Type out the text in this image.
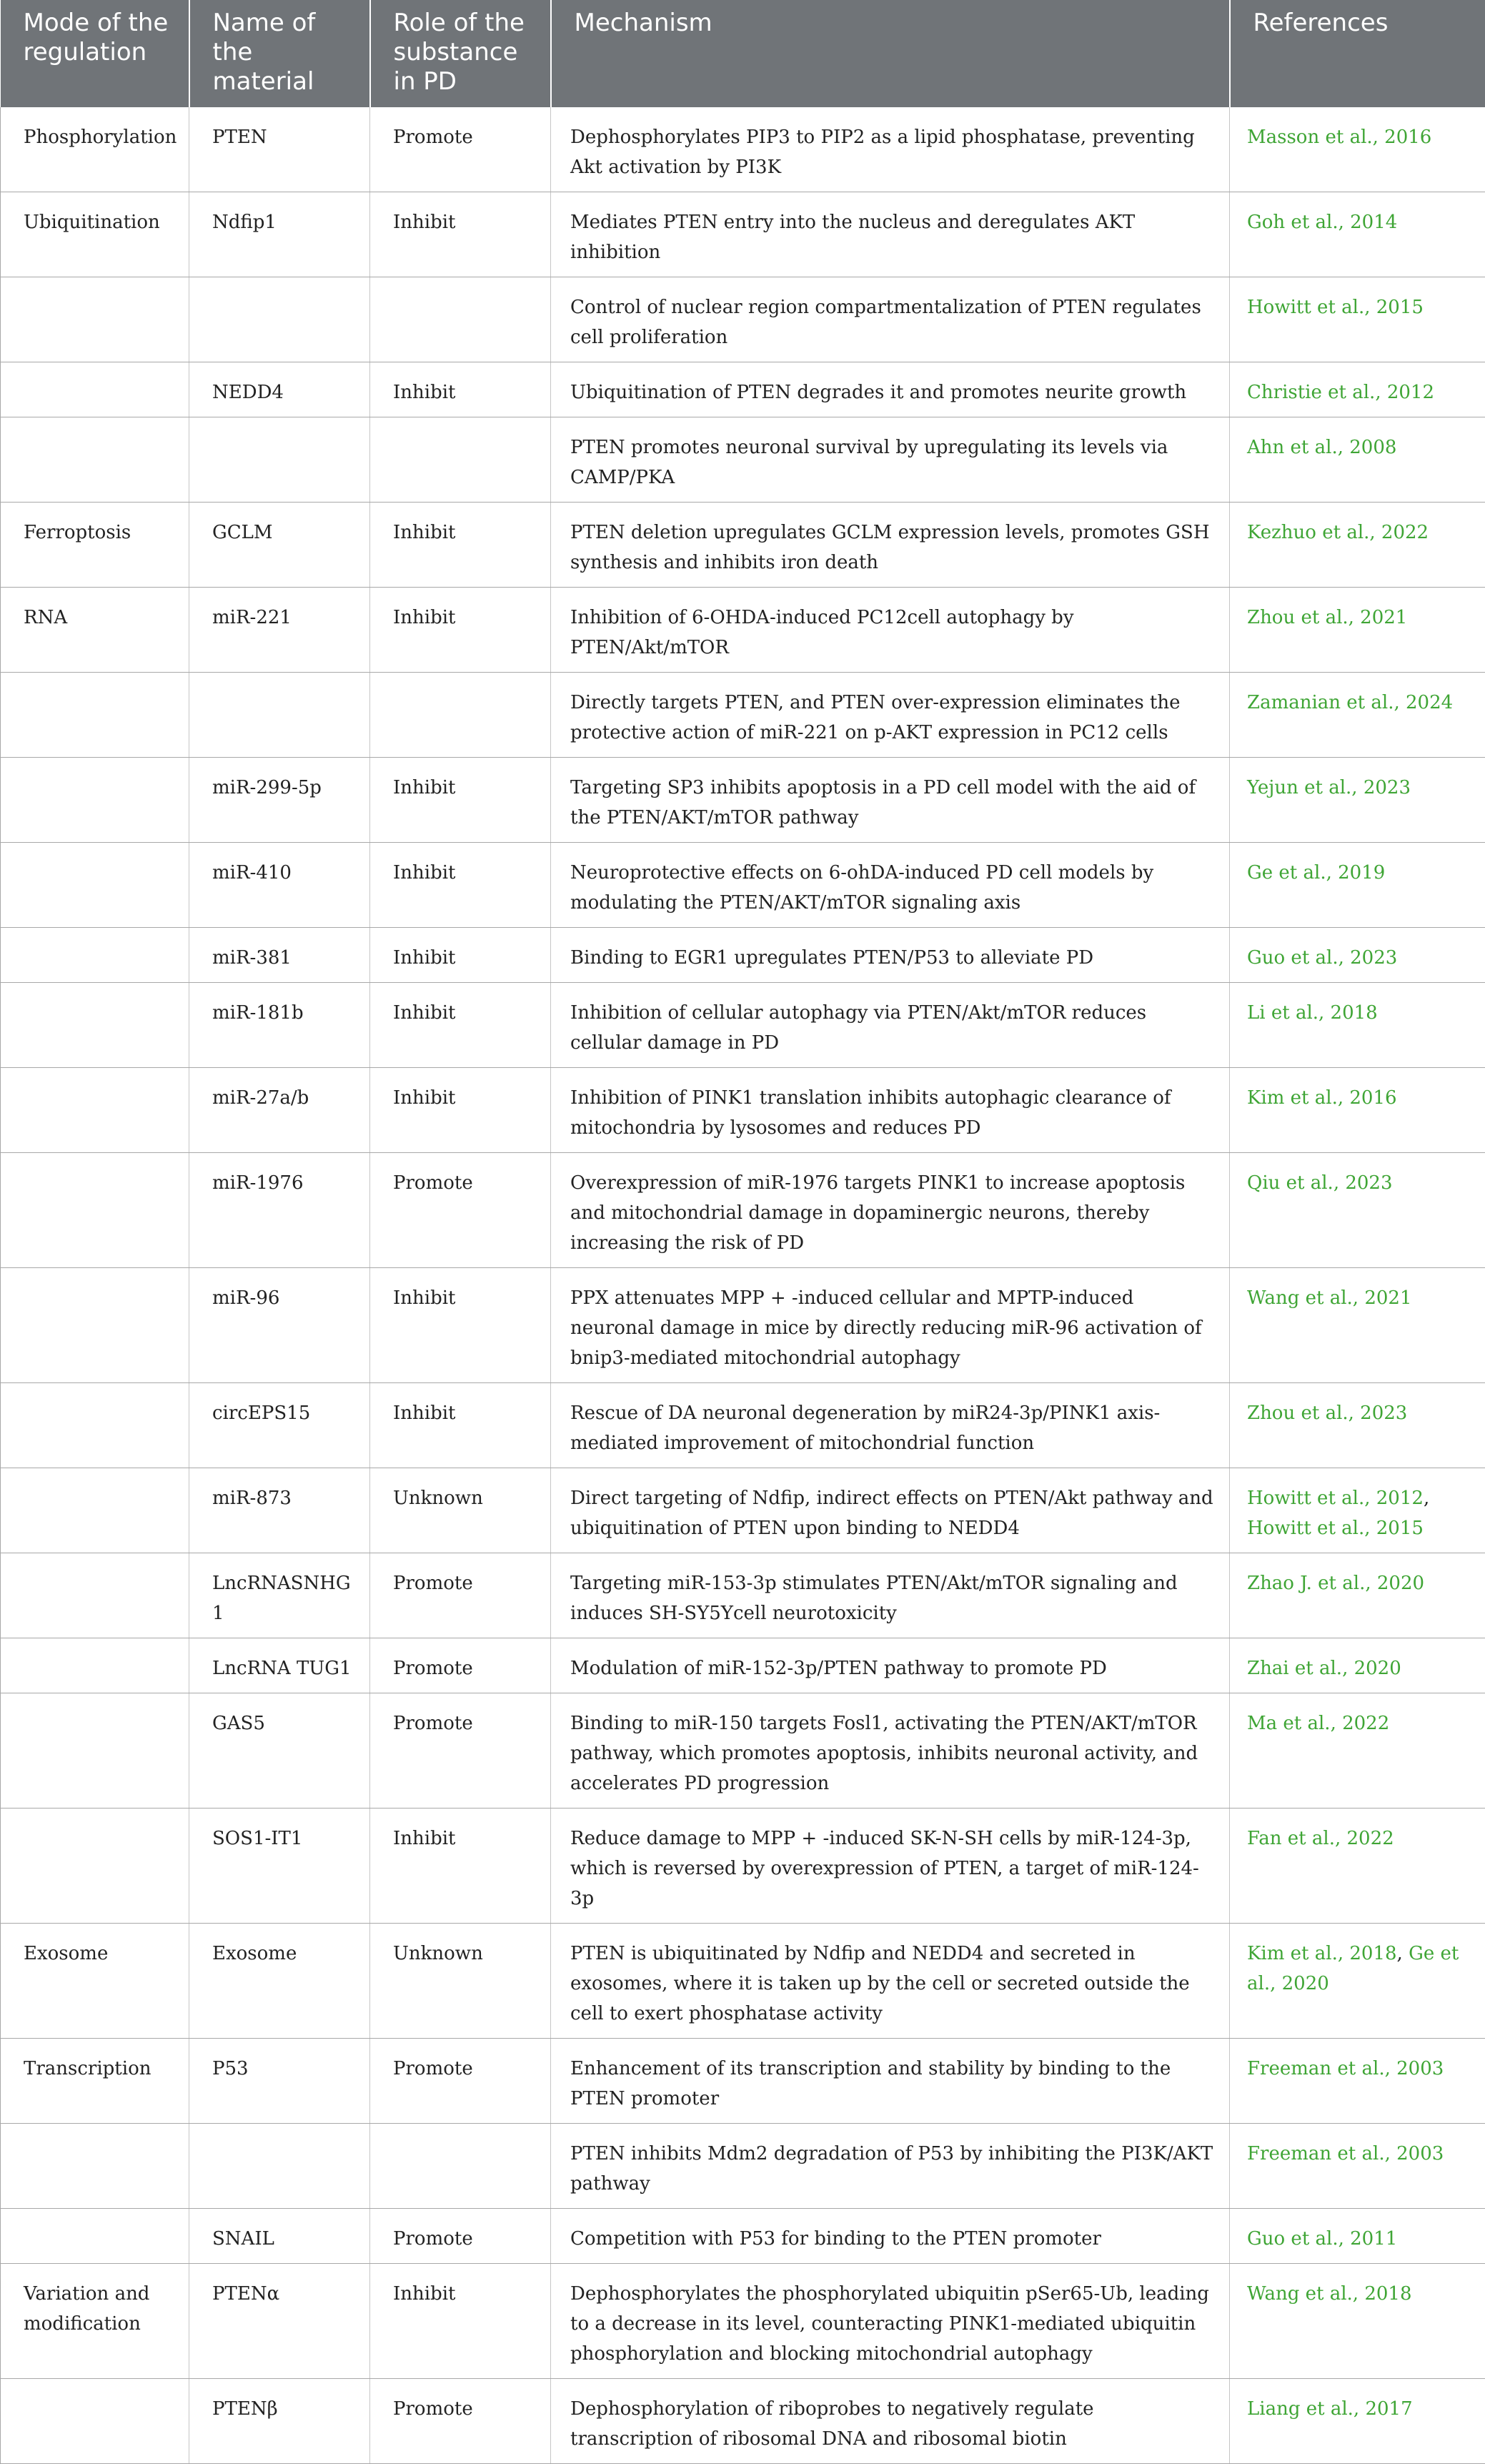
Mode of the regulation	Name of the material	Role of the substance in PD	Mechanism	References
Phosphorylation	PTEN	Promote	Dephosphorylates PIP3 to PIP2 as a lipid phosphatase, preventing Akt activation by PI3K	Masson et al., 2016
Ubiquitination	Ndfip1	Inhibit	Mediates PTEN entry into the nucleus and deregulates AKT inhibition	Goh et al., 2014
			Control of nuclear region compartmentalization of PTEN regulates cell proliferation	Howitt et al., 2015
	NEDD4	Inhibit	Ubiquitination of PTEN degrades it and promotes neurite growth	Christie et al., 2012
			PTEN promotes neuronal survival by upregulating its levels via CAMP/PKA	Ahn et al., 2008
Ferroptosis	GCLM	Inhibit	PTEN deletion upregulates GCLM expression levels, promotes GSH synthesis and inhibits iron death	Kezhuo et al., 2022
RNA	miR-221	Inhibit	Inhibition of 6-OHDA-induced PC12cell autophagy by PTEN/Akt/mTOR	Zhou et al., 2021
			Directly targets PTEN, and PTEN over-expression eliminates the protective action of miR-221 on p-AKT expression in PC12 cells	Zamanian et al., 2024
	miR-299-5p	Inhibit	Targeting SP3 inhibits apoptosis in a PD cell model with the aid of the PTEN/AKT/mTOR pathway	Yejun et al., 2023
	miR-410	Inhibit	Neuroprotective effects on 6-ohDA-induced PD cell models by modulating the PTEN/AKT/mTOR signaling axis	Ge et al., 2019
	miR-381	Inhibit	Binding to EGR1 upregulates PTEN/P53 to alleviate PD	Guo et al., 2023
	miR-181b	Inhibit	Inhibition of cellular autophagy via PTEN/Akt/mTOR reduces cellular damage in PD	Li et al., 2018
	miR-27a/b	Inhibit	Inhibition of PINK1 translation inhibits autophagic clearance of mitochondria by lysosomes and reduces PD	Kim et al., 2016
	miR-1976	Promote	Overexpression of miR-1976 targets PINK1 to increase apoptosis and mitochondrial damage in dopaminergic neurons, thereby increasing the risk of PD	Qiu et al., 2023
	miR-96	Inhibit	PPX attenuates MPP + -induced cellular and MPTP-induced neuronal damage in mice by directly reducing miR-96 activation of bnip3-mediated mitochondrial autophagy	Wang et al., 2021
	circEPS15	Inhibit	Rescue of DA neuronal degeneration by miR24-3p/PINK1 axis-mediated improvement of mitochondrial function	Zhou et al., 2023
	miR-873	Unknown	Direct targeting of Ndfip, indirect effects on PTEN/Akt pathway and ubiquitination of PTEN upon binding to NEDD4	Howitt et al., 2012, Howitt et al., 2015
	LncRNASNHG1	Promote	Targeting miR-153-3p stimulates PTEN/Akt/mTOR signaling and induces SH-SY5Ycell neurotoxicity	Zhao J. et al., 2020
	LncRNA TUG1	Promote	Modulation of miR-152-3p/PTEN pathway to promote PD	Zhai et al., 2020
	GAS5	Promote	Binding to miR-150 targets Fosl1, activating the PTEN/AKT/mTOR pathway, which promotes apoptosis, inhibits neuronal activity, and accelerates PD progression	Ma et al., 2022
	SOS1-IT1	Inhibit	Reduce damage to MPP + -induced SK-N-SH cells by miR-124-3p, which is reversed by overexpression of PTEN, a target of miR-124-3p	Fan et al., 2022
Exosome	Exosome	Unknown	PTEN is ubiquitinated by Ndfip and NEDD4 and secreted in exosomes, where it is taken up by the cell or secreted outside the cell to exert phosphatase activity	Kim et al., 2018, Ge et al., 2020
Transcription	P53	Promote	Enhancement of its transcription and stability by binding to the PTEN promoter	Freeman et al., 2003
			PTEN inhibits Mdm2 degradation of P53 by inhibiting the PI3K/AKT pathway	Freeman et al., 2003
	SNAIL	Promote	Competition with P53 for binding to the PTEN promoter	Guo et al., 2011
Variation and modification	PTENα	Inhibit	Dephosphorylates the phosphorylated ubiquitin pSer65-Ub, leading to a decrease in its level, counteracting PINK1-mediated ubiquitin phosphorylation and blocking mitochondrial autophagy	Wang et al., 2018
	PTENβ	Promote	Dephosphorylation of riboprobes to negatively regulate transcription of ribosomal DNA and ribosomal biotin	Liang et al., 2017
